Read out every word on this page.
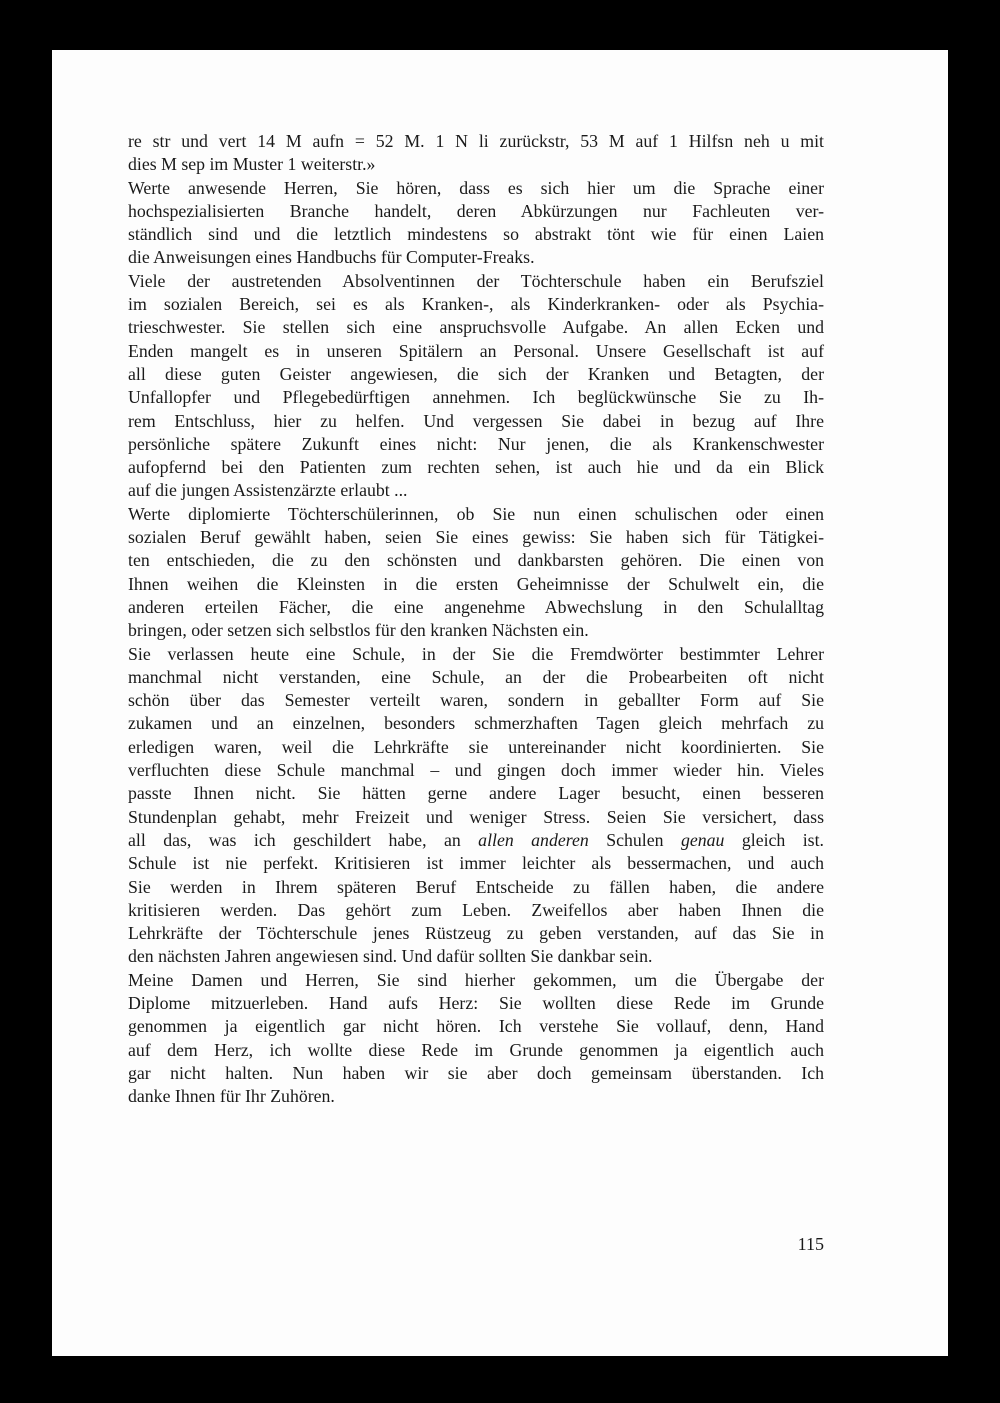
re str und vert 14 M aufn = 52 M. 1 N li zurückstr, 53 M auf 1 Hilfsn neh u mit
dies M sep im Muster 1 weiterstr.»
Werte anwesende Herren, Sie hören, dass es sich hier um die Sprache einer
hochspezialisierten Branche handelt, deren Abkürzungen nur Fachleuten ver-
ständlich sind und die letztlich mindestens so abstrakt tönt wie für einen Laien
die Anweisungen eines Handbuchs für Computer-Freaks.
Viele der austretenden Absolventinnen der Töchterschule haben ein Berufsziel
im sozialen Bereich, sei es als Kranken-, als Kinderkranken- oder als Psychia-
trieschwester. Sie stellen sich eine anspruchsvolle Aufgabe. An allen Ecken und
Enden mangelt es in unseren Spitälern an Personal. Unsere Gesellschaft ist auf
all diese guten Geister angewiesen, die sich der Kranken und Betagten, der
Unfallopfer und Pflegebedürftigen annehmen. Ich beglückwünsche Sie zu Ih-
rem Entschluss, hier zu helfen. Und vergessen Sie dabei in bezug auf Ihre
persönliche spätere Zukunft eines nicht: Nur jenen, die als Krankenschwester
aufopfernd bei den Patienten zum rechten sehen, ist auch hie und da ein Blick
auf die jungen Assistenzärzte erlaubt ...
Werte diplomierte Töchterschülerinnen, ob Sie nun einen schulischen oder einen
sozialen Beruf gewählt haben, seien Sie eines gewiss: Sie haben sich für Tätigkei-
ten entschieden, die zu den schönsten und dankbarsten gehören. Die einen von
Ihnen weihen die Kleinsten in die ersten Geheimnisse der Schulwelt ein, die
anderen erteilen Fächer, die eine angenehme Abwechslung in den Schulalltag
bringen, oder setzen sich selbstlos für den kranken Nächsten ein.
Sie verlassen heute eine Schule, in der Sie die Fremdwörter bestimmter Lehrer
manchmal nicht verstanden, eine Schule, an der die Probearbeiten oft nicht
schön über das Semester verteilt waren, sondern in geballter Form auf Sie
zukamen und an einzelnen, besonders schmerzhaften Tagen gleich mehrfach zu
erledigen waren, weil die Lehrkräfte sie untereinander nicht koordinierten. Sie
verfluchten diese Schule manchmal – und gingen doch immer wieder hin. Vieles
passte Ihnen nicht. Sie hätten gerne andere Lager besucht, einen besseren
Stundenplan gehabt, mehr Freizeit und weniger Stress. Seien Sie versichert, dass
all das, was ich geschildert habe, an allen anderen Schulen genau gleich ist.
Schule ist nie perfekt. Kritisieren ist immer leichter als bessermachen, und auch
Sie werden in Ihrem späteren Beruf Entscheide zu fällen haben, die andere
kritisieren werden. Das gehört zum Leben. Zweifellos aber haben Ihnen die
Lehrkräfte der Töchterschule jenes Rüstzeug zu geben verstanden, auf das Sie in
den nächsten Jahren angewiesen sind. Und dafür sollten Sie dankbar sein.
Meine Damen und Herren, Sie sind hierher gekommen, um die Übergabe der
Diplome mitzuerleben. Hand aufs Herz: Sie wollten diese Rede im Grunde
genommen ja eigentlich gar nicht hören. Ich verstehe Sie vollauf, denn, Hand
auf dem Herz, ich wollte diese Rede im Grunde genommen ja eigentlich auch
gar nicht halten. Nun haben wir sie aber doch gemeinsam überstanden. Ich
danke Ihnen für Ihr Zuhören.
115
